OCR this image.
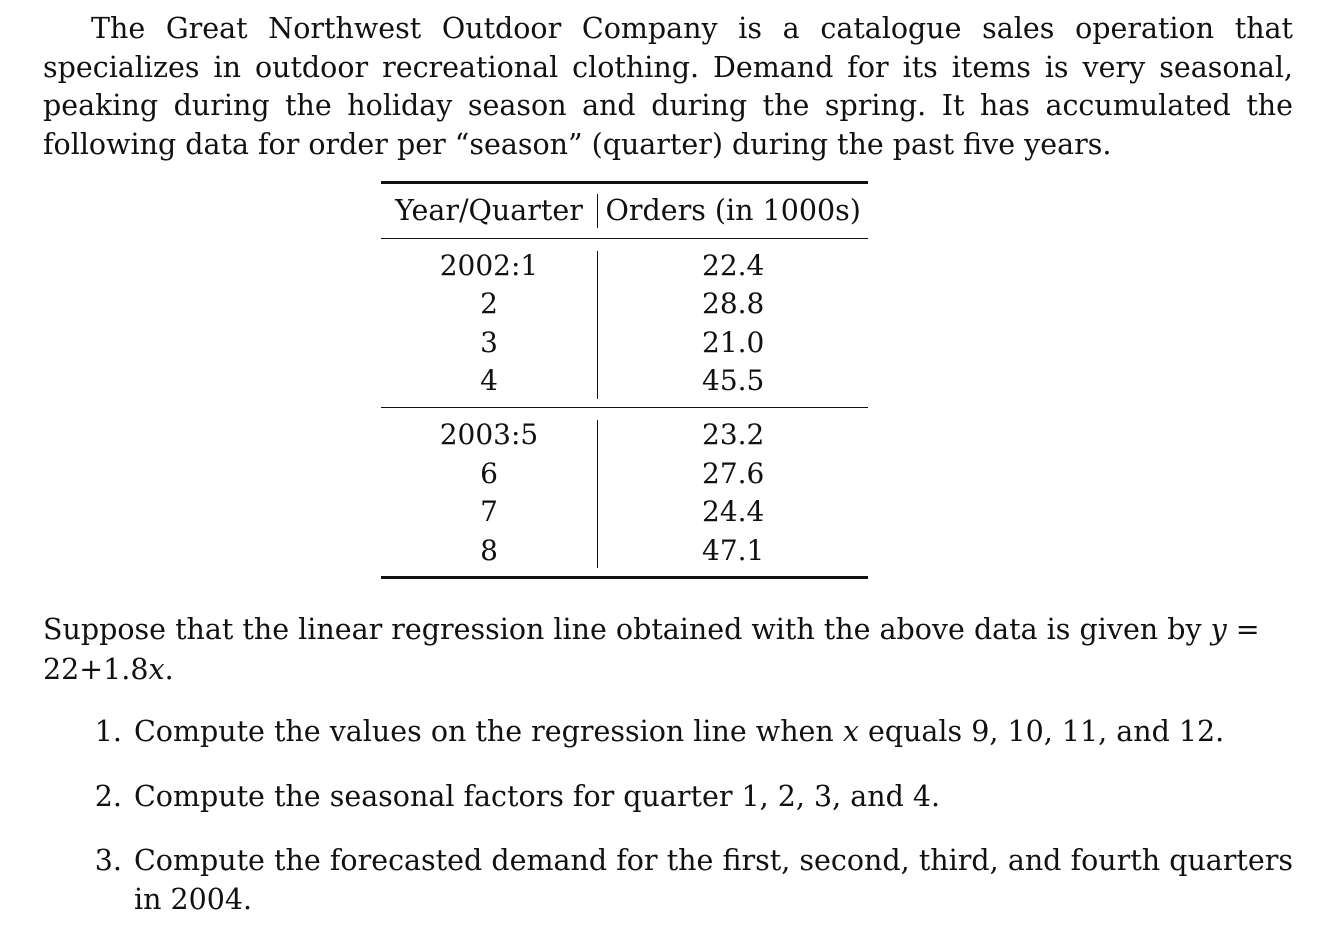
The Great Northwest Outdoor Company is a catalogue sales operation that specializes in outdoor recreational clothing. Demand for its items is very seasonal, peaking during the holiday season and during the spring. It has accumulated the following data for order per “season” (quarter) during the past five years.

Year/Quarter Orders (in 1000s)
2002:1
2
3
4
22.4
28.8
21.0
45.5
2003:5
6
7
8
23.2
27.6
24.4
47.1

Suppose that the linear regression line obtained with the above data is given by y = 22+1.8x.

1. Compute the values on the regression line when x equals 9, 10, 11, and 12.
2. Compute the seasonal factors for quarter 1, 2, 3, and 4.
3. Compute the forecasted demand for the first, second, third, and fourth quarters in 2004.
